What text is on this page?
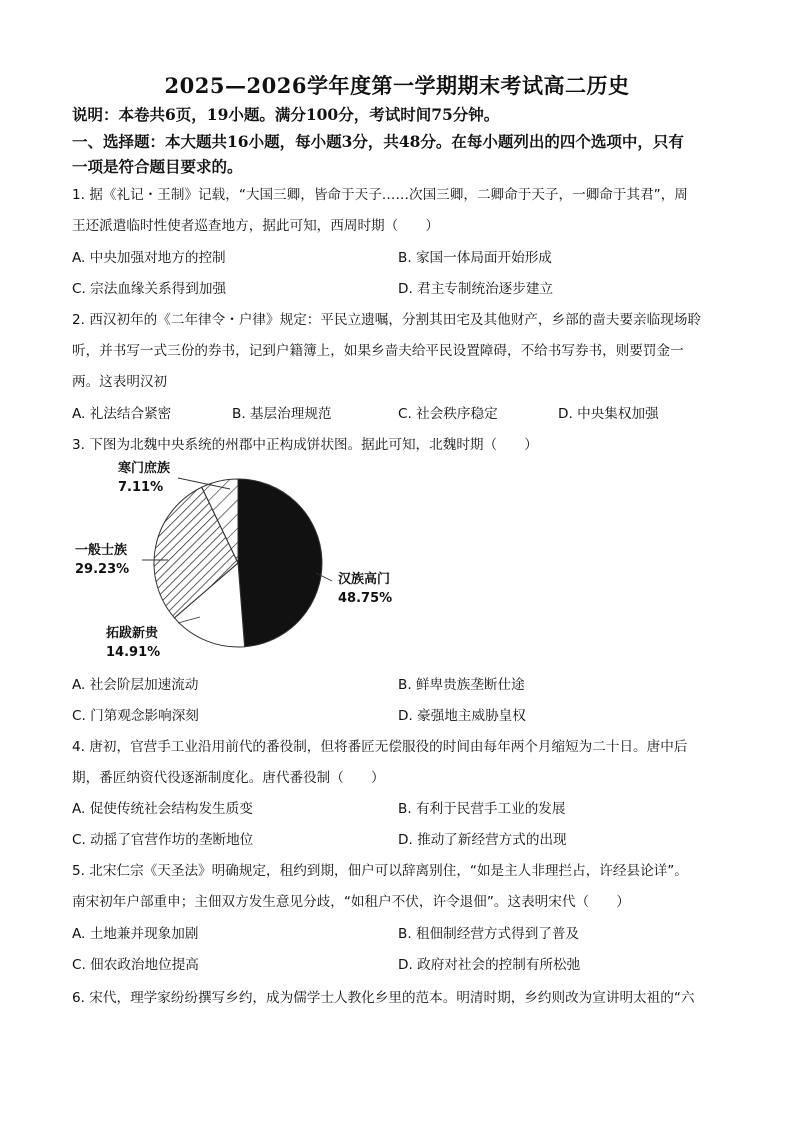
2025—2026学年度第一学期期末考试高二历史
说明：本卷共6页，19小题。满分100分，考试时间75分钟。
一、选择题：本大题共16小题，每小题3分，共48分。在每小题列出的四个选项中，只有
一项是符合题目要求的。
1. 据《礼记・王制》记载，“大国三卿，皆命于天子……次国三卿，二卿命于天子，一卿命于其君”，周
王还派遣临时性使者巡查地方，据此可知，西周时期（　　）
A. 中央加强对地方的控制	B. 家国一体局面开始形成
C. 宗法血缘关系得到加强	D. 君主专制统治逐步建立
2. 西汉初年的《二年律令・户律》规定：平民立遗嘱，分割其田宅及其他财产，乡部的啬夫要亲临现场聆
听，并书写一式三份的券书，记到户籍簿上，如果乡啬夫给平民设置障碍，不给书写券书，则要罚金一
两。这表明汉初
A. 礼法结合紧密	B. 基层治理规范	C. 社会秩序稳定	D. 中央集权加强
3. 下图为北魏中央系统的州郡中正构成饼状图。据此可知，北魏时期（　　）
寒门庶族
7.11%
一般士族
29.23%
汉族高门
48.75%
拓跋新贵
14.91%
A. 社会阶层加速流动	B. 鲜卑贵族垄断仕途
C. 门第观念影响深刻	D. 豪强地主威胁皇权
4. 唐初，官营手工业沿用前代的番役制，但将番匠无偿服役的时间由每年两个月缩短为二十日。唐中后
期，番匠纳资代役逐渐制度化。唐代番役制（　　）
A. 促使传统社会结构发生质变	B. 有利于民营手工业的发展
C. 动摇了官营作坊的垄断地位	D. 推动了新经营方式的出现
5. 北宋仁宗《天圣法》明确规定，租约到期，佃户可以辞离别住，“如是主人非理拦占，许经县论详”。
南宋初年户部重申；主佃双方发生意见分歧，“如租户不伏，许令退佃”。这表明宋代（　　）
A. 土地兼并现象加剧	B. 租佃制经营方式得到了普及
C. 佃农政治地位提高	D. 政府对社会的控制有所松弛
6. 宋代，理学家纷纷撰写乡约，成为儒学士人教化乡里的范本。明清时期，乡约则改为宣讲明太祖的“六
